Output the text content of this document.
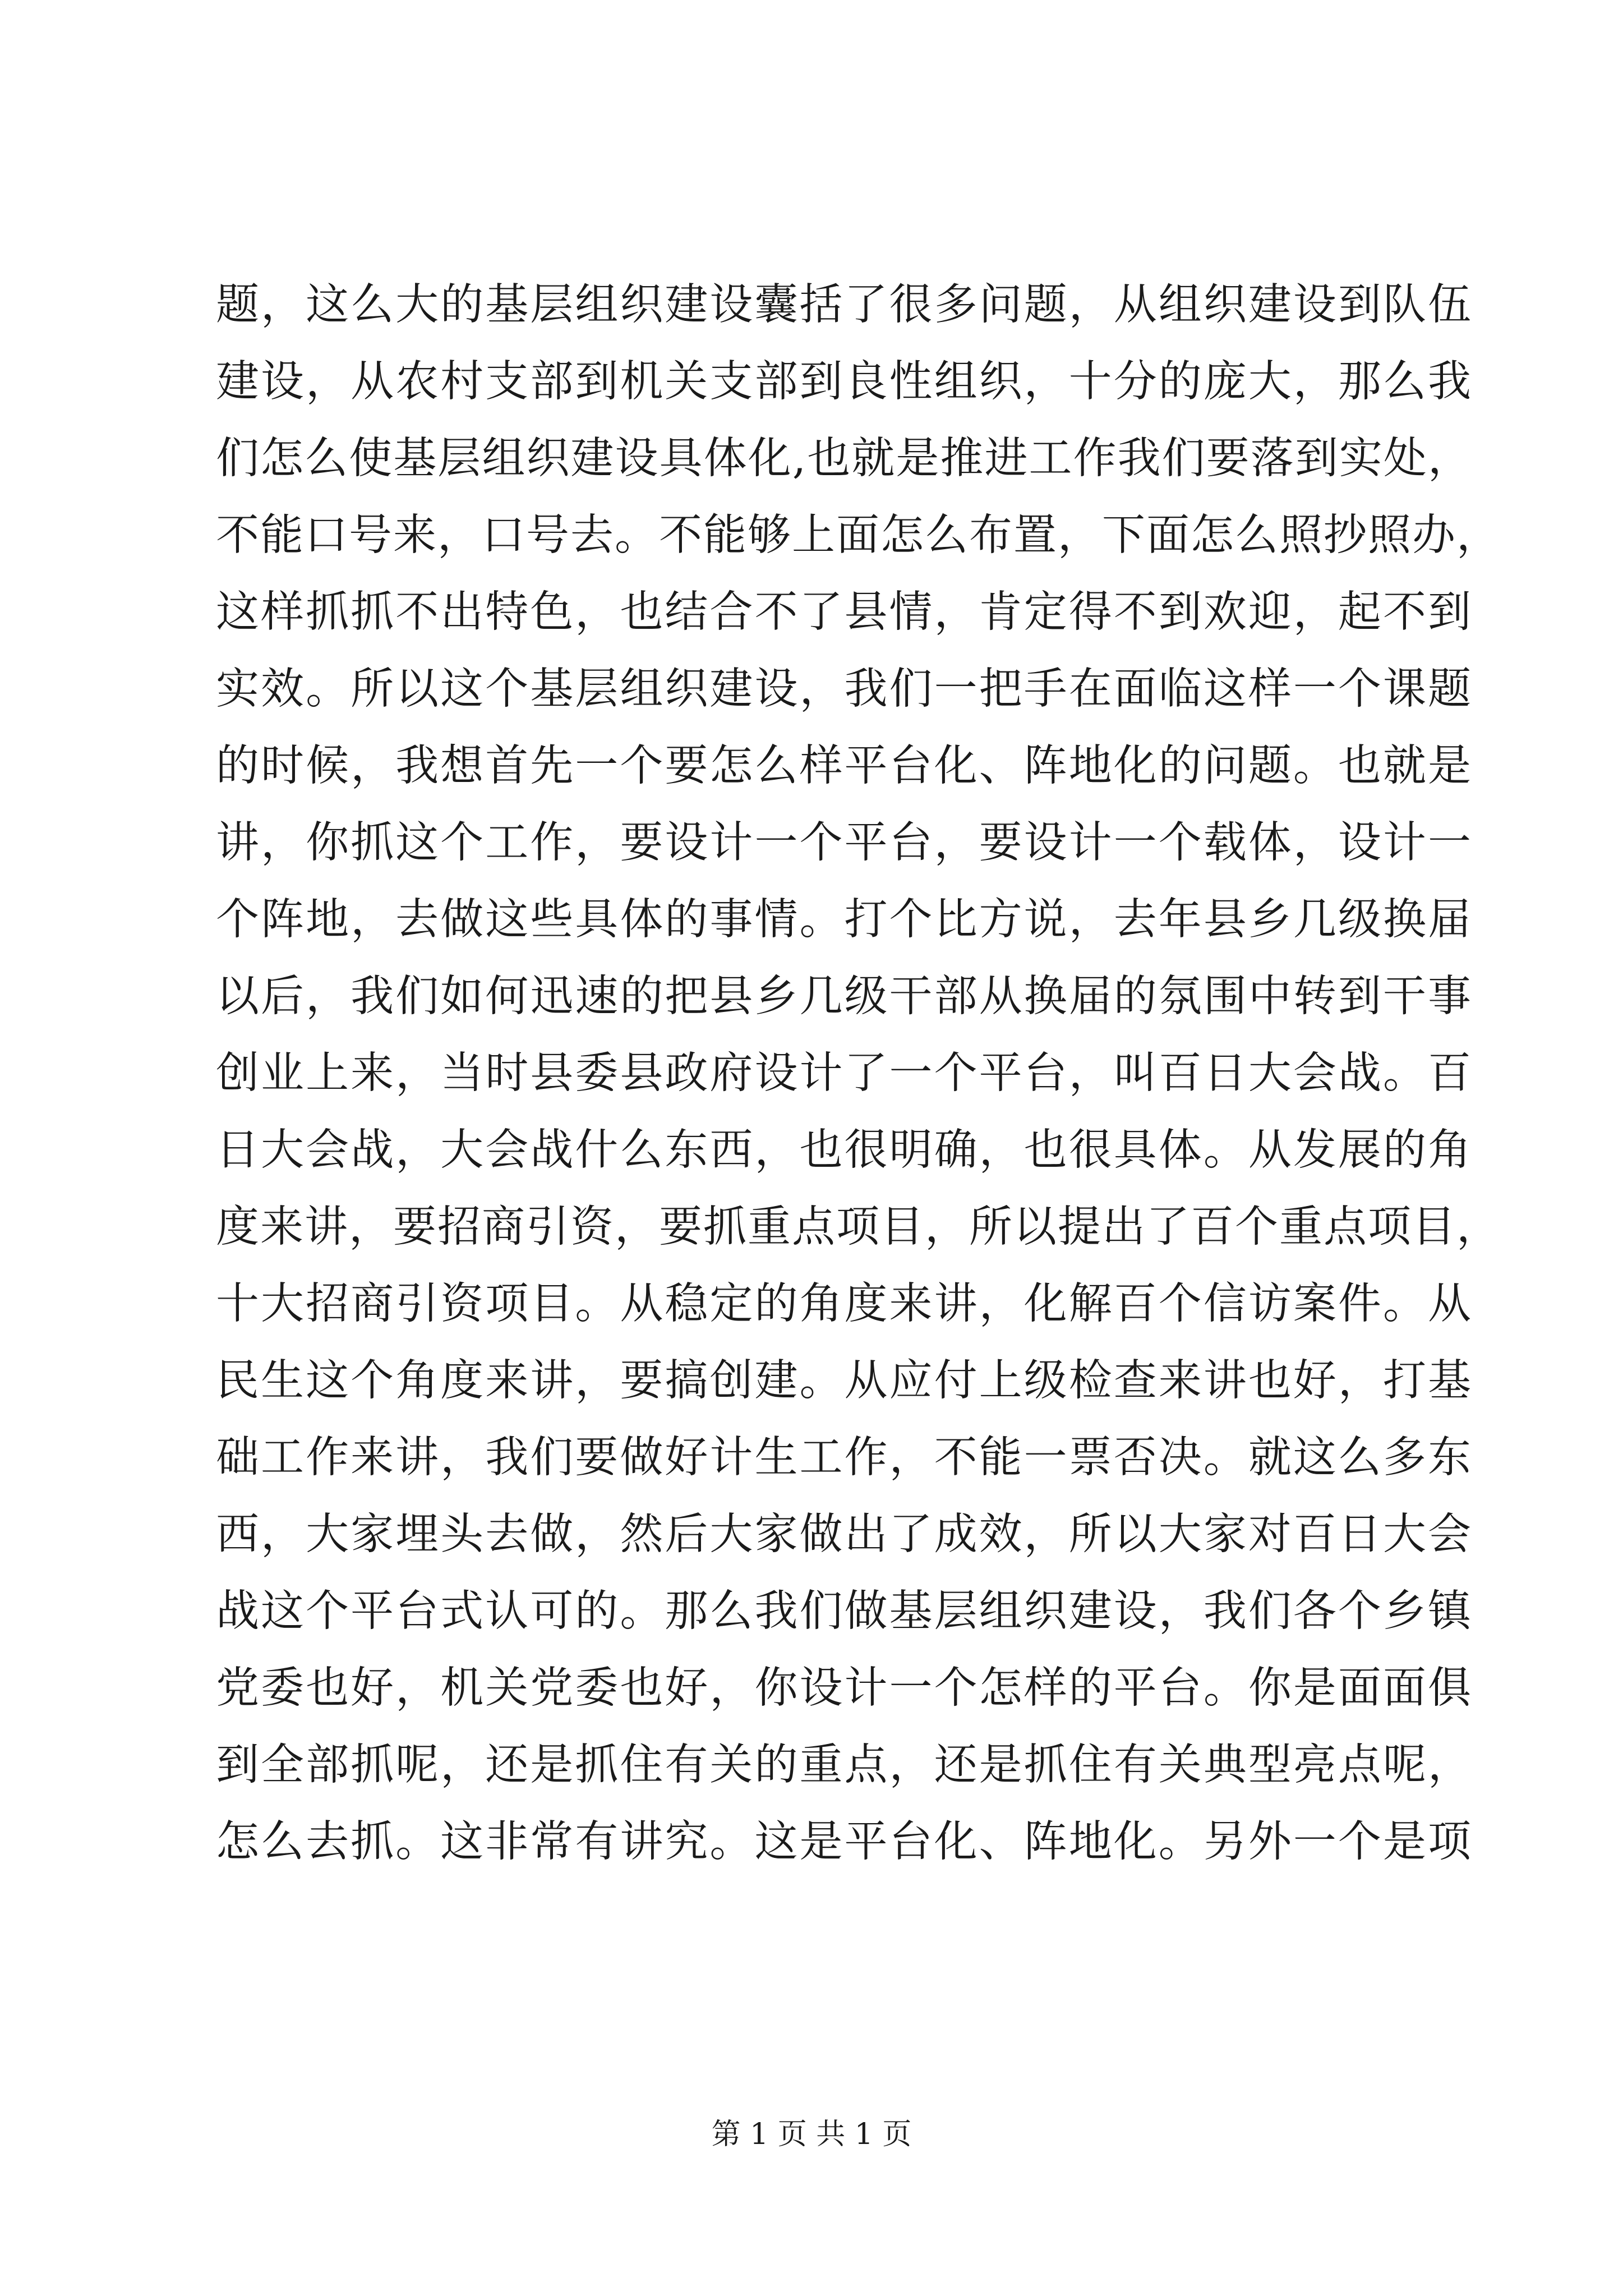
题，这么大的基层组织建设囊括了很多问题，从组织建设到队伍
建设，从农村支部到机关支部到良性组织，十分的庞大，那么我
们怎么使基层组织建设具体化,也就是推进工作我们要落到实处，
不能口号来，口号去。不能够上面怎么布置，下面怎么照抄照办，
这样抓抓不出特色，也结合不了县情，肯定得不到欢迎，起不到
实效。所以这个基层组织建设，我们一把手在面临这样一个课题
的时候，我想首先一个要怎么样平台化、阵地化的问题。也就是
讲，你抓这个工作，要设计一个平台，要设计一个载体，设计一
个阵地，去做这些具体的事情。打个比方说，去年县乡几级换届
以后，我们如何迅速的把县乡几级干部从换届的氛围中转到干事
创业上来，当时县委县政府设计了一个平台，叫百日大会战。百
日大会战，大会战什么东西，也很明确，也很具体。从发展的角
度来讲，要招商引资，要抓重点项目，所以提出了百个重点项目，
十大招商引资项目。从稳定的角度来讲，化解百个信访案件。从
民生这个角度来讲，要搞创建。从应付上级检查来讲也好，打基
础工作来讲，我们要做好计生工作，不能一票否决。就这么多东
西，大家埋头去做，然后大家做出了成效，所以大家对百日大会
战这个平台式认可的。那么我们做基层组织建设，我们各个乡镇
党委也好，机关党委也好，你设计一个怎样的平台。你是面面俱
到全部抓呢，还是抓住有关的重点，还是抓住有关典型亮点呢，
怎么去抓。这非常有讲究。这是平台化、阵地化。另外一个是项
第 1 页 共 1 页
